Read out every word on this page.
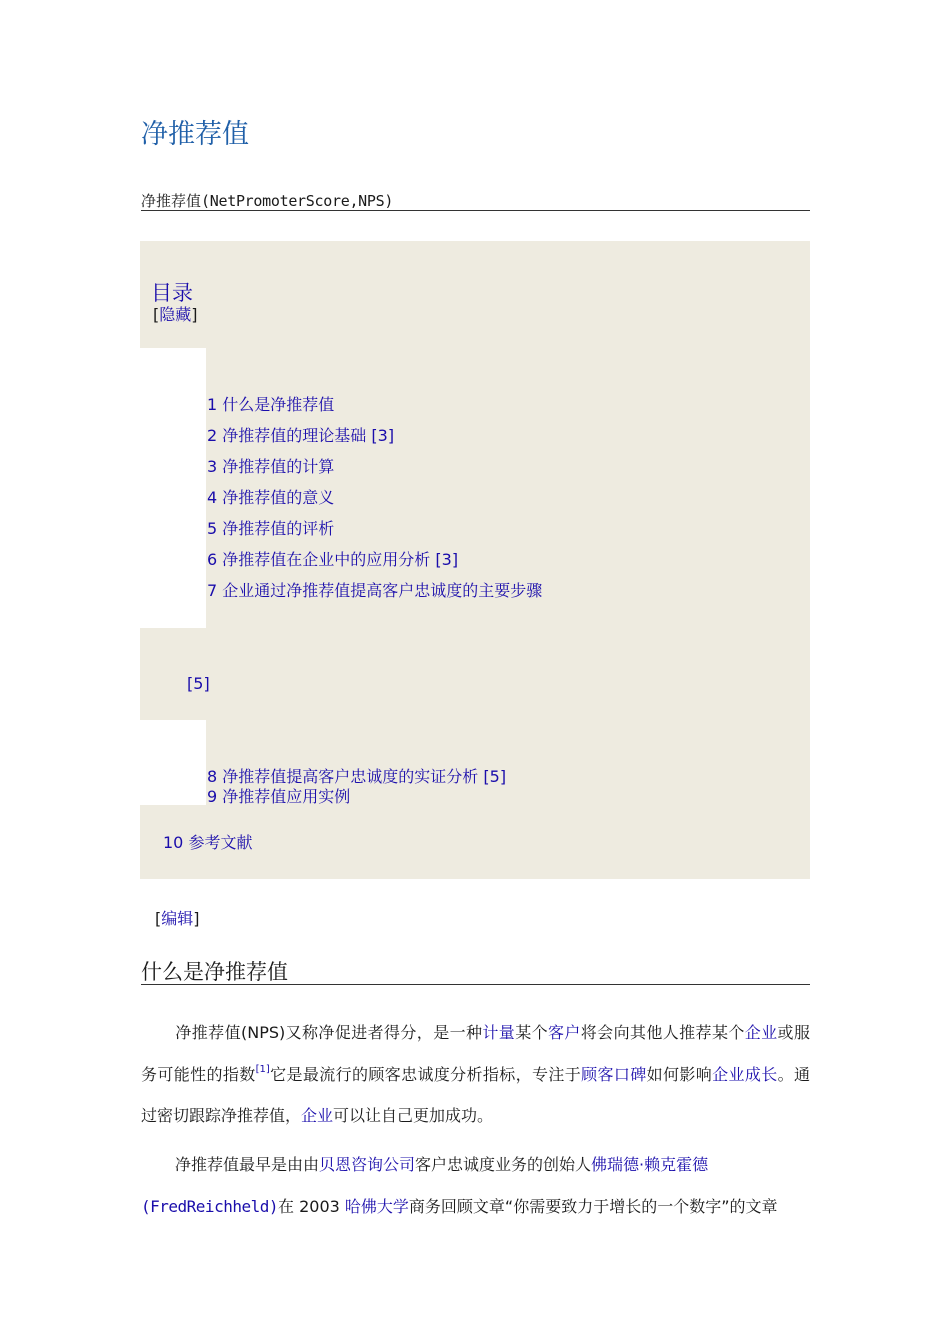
净推荐值
净推荐值(NetPromoterScore,NPS)
目录
[隐藏]
1 什么是净推荐值
2 净推荐值的理论基础 [3]
3 净推荐值的计算
4 净推荐值的意义
5 净推荐值的评析
6 净推荐值在企业中的应用分析 [3]
7 企业通过净推荐值提高客户忠诚度的主要步骤
[5]
8 净推荐值提高客户忠诚度的实证分析 [5]
9 净推荐值应用实例
10 参考文献
[编辑]
什么是净推荐值

净推荐值(NPS)又称净促进者得分，是一种计量某个客户将会向其他人推荐某个企业或服务可能性的指数[1]它是最流行的顾客忠诚度分析指标，专注于顾客口碑如何影响企业成长。通过密切跟踪净推荐值，企业可以让自己更加成功。

净推荐值最早是由由贝恩咨询公司客户忠诚度业务的创始人佛瑞德·赖克霍德
(FredReichheld)在 2003 哈佛大学商务回顾文章“你需要致力于增长的一个数字”的文章
